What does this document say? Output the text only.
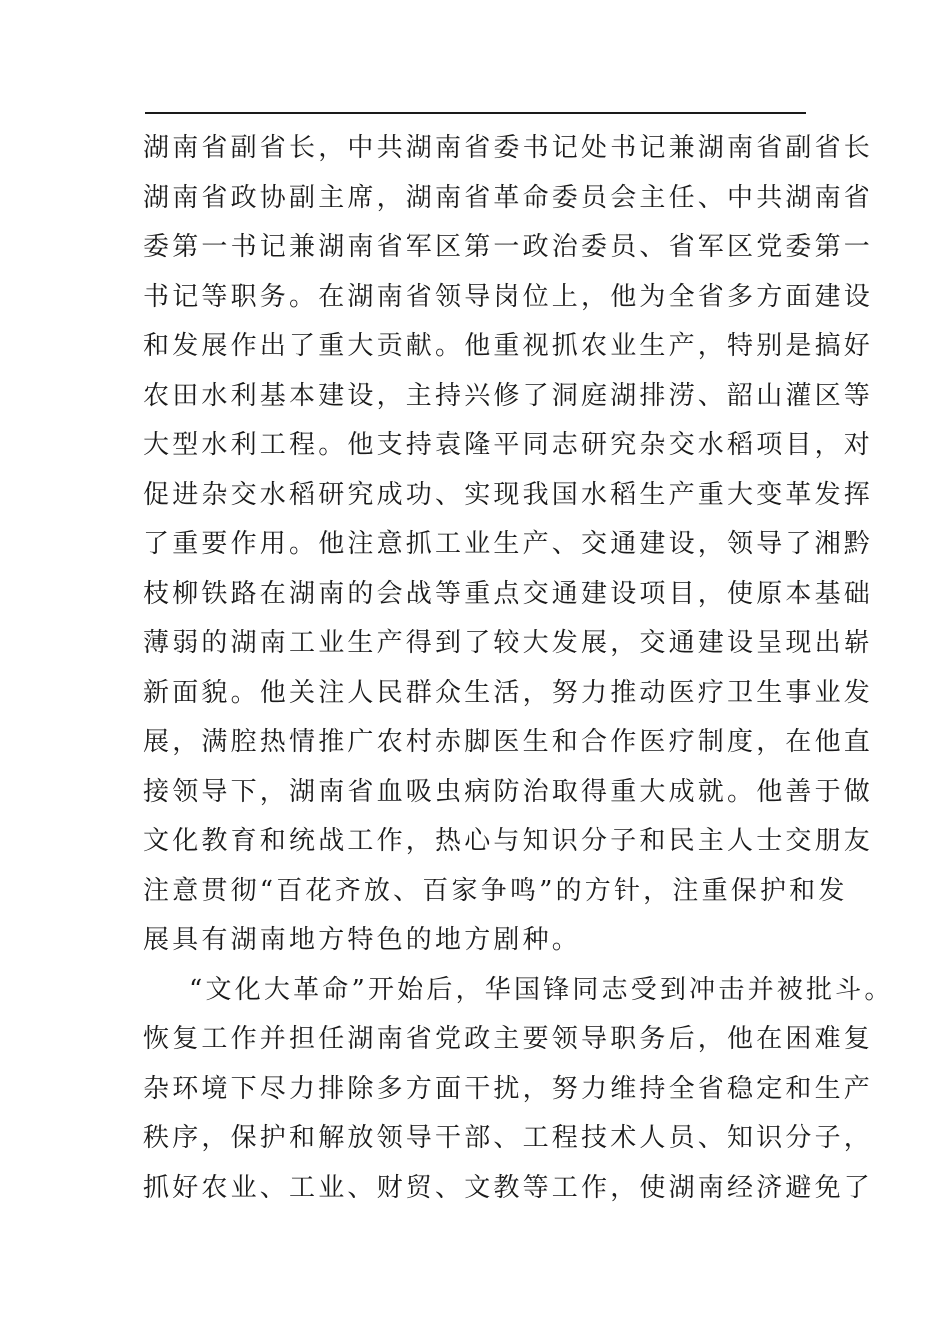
湖南省副省长，中共湖南省委书记处书记兼湖南省副省长
湖南省政协副主席，湖南省革命委员会主任、中共湖南省
委第一书记兼湖南省军区第一政治委员、省军区党委第一
书记等职务。在湖南省领导岗位上，他为全省多方面建设
和发展作出了重大贡献。他重视抓农业生产，特别是搞好
农田水利基本建设，主持兴修了洞庭湖排涝、韶山灌区等
大型水利工程。他支持袁隆平同志研究杂交水稻项目，对
促进杂交水稻研究成功、实现我国水稻生产重大变革发挥
了重要作用。他注意抓工业生产、交通建设，领导了湘黔
枝柳铁路在湖南的会战等重点交通建设项目，使原本基础
薄弱的湖南工业生产得到了较大发展，交通建设呈现出崭
新面貌。他关注人民群众生活，努力推动医疗卫生事业发
展，满腔热情推广农村赤脚医生和合作医疗制度，在他直
接领导下，湖南省血吸虫病防治取得重大成就。他善于做
文化教育和统战工作，热心与知识分子和民主人士交朋友
注意贯彻“百花齐放、百家争鸣”的方针，注重保护和发
展具有湖南地方特色的地方剧种。
“文化大革命”开始后，华国锋同志受到冲击并被批斗。
恢复工作并担任湖南省党政主要领导职务后，他在困难复
杂环境下尽力排除多方面干扰，努力维持全省稳定和生产
秩序，保护和解放领导干部、工程技术人员、知识分子，
抓好农业、工业、财贸、文教等工作，使湖南经济避免了
